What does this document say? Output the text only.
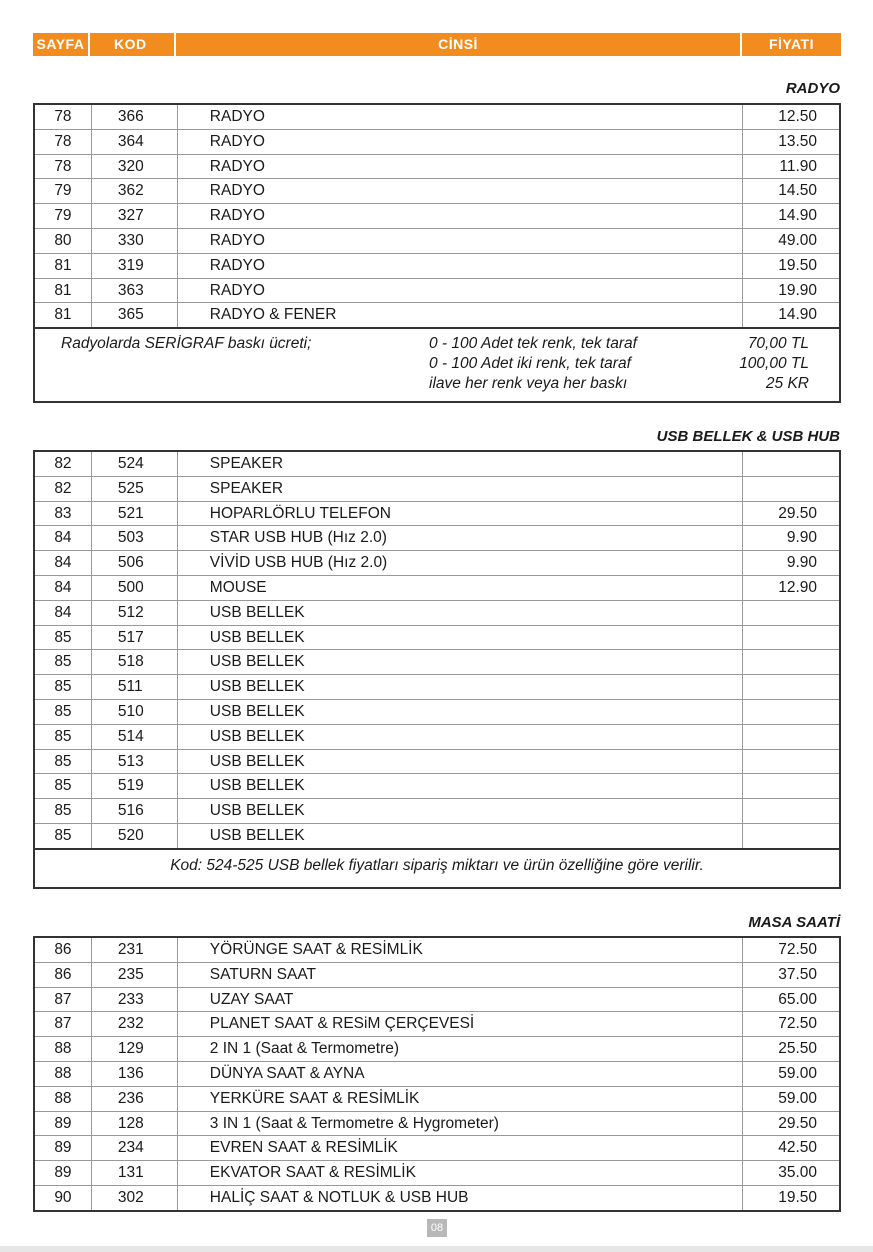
SAYFA	KOD	CİNSİ	FİYATI
RADYO
78	366	RADYO	12.50
78	364	RADYO	13.50
78	320	RADYO	11.90
79	362	RADYO	14.50
79	327	RADYO	14.90
80	330	RADYO	49.00
81	319	RADYO	19.50
81	363	RADYO	19.90
81	365	RADYO & FENER	14.90
Radyolarda SERİGRAF baskı ücreti;	0 - 100 Adet tek renk, tek taraf	70,00 TL
0 - 100 Adet iki renk, tek taraf	100,00 TL
ilave her renk veya her baskı	25 KR
USB BELLEK & USB HUB
82	524	SPEAKER	
82	525	SPEAKER	
83	521	HOPARLÖRLU TELEFON	29.50
84	503	STAR USB HUB (Hız 2.0)	9.90
84	506	VİVİD USB HUB (Hız 2.0)	9.90
84	500	MOUSE	12.90
84	512	USB BELLEK	
85	517	USB BELLEK	
85	518	USB BELLEK	
85	511	USB BELLEK	
85	510	USB BELLEK	
85	514	USB BELLEK	
85	513	USB BELLEK	
85	519	USB BELLEK	
85	516	USB BELLEK	
85	520	USB BELLEK	
Kod: 524-525 USB bellek fiyatları sipariş miktarı ve ürün özelliğine göre verilir.
MASA SAATİ
86	231	YÖRÜNGE SAAT & RESİMLİK	72.50
86	235	SATURN SAAT	37.50
87	233	UZAY SAAT	65.00
87	232	PLANET SAAT & RESiM ÇERÇEVESİ	72.50
88	129	2 IN 1 (Saat & Termometre)	25.50
88	136	DÜNYA SAAT & AYNA	59.00
88	236	YERKÜRE SAAT & RESİMLİK	59.00
89	128	3 IN 1 (Saat & Termometre & Hygrometer)	29.50
89	234	EVREN SAAT & RESİMLİK	42.50
89	131	EKVATOR SAAT & RESİMLİK	35.00
90	302	HALİÇ SAAT & NOTLUK & USB HUB	19.50
08
